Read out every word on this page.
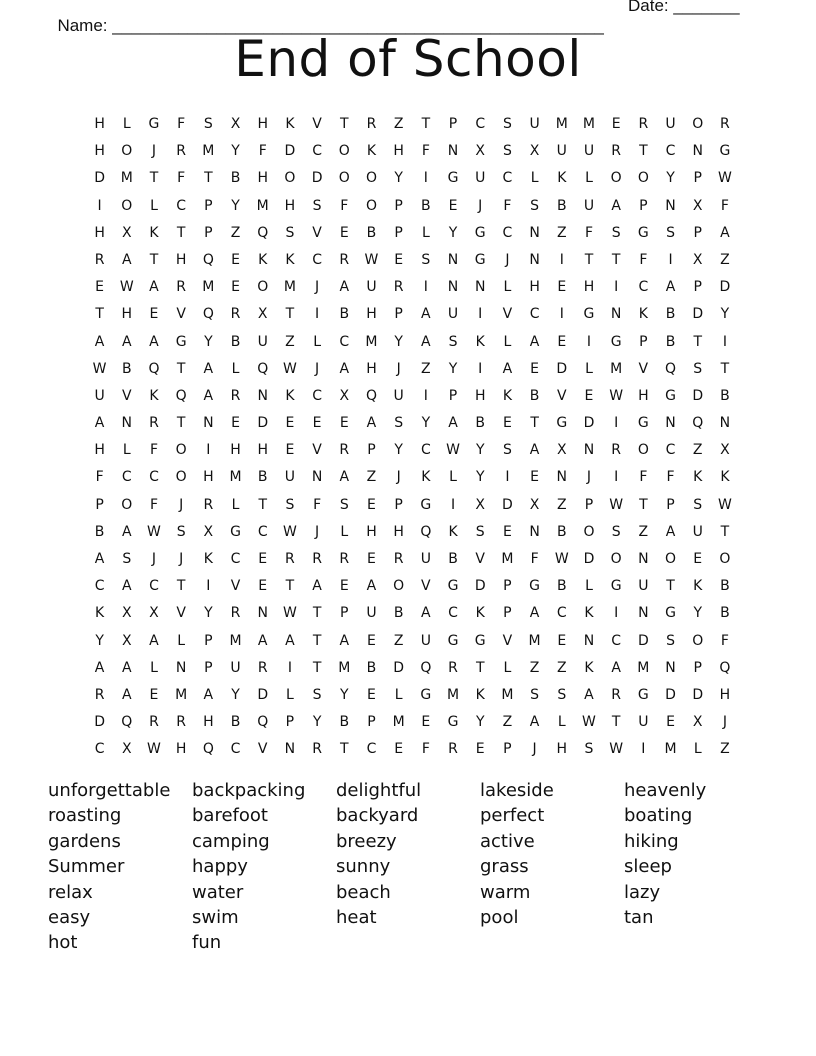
Name: ____________________________________________________

Date: _______

End of School
H	L	G	F	S	X	H	K	V	T	R	Z	T	P	C	S	U	M	M	E	R	U	O	R
H	O	J	R	M	Y	F	D	C	O	K	H	F	N	X	S	X	U	U	R	T	C	N	G
D	M	T	F	T	B	H	O	D	O	O	Y	I	G	U	C	L	K	L	O	O	Y	P	W
I	O	L	C	P	Y	M	H	S	F	O	P	B	E	J	F	S	B	U	A	P	N	X	F
H	X	K	T	P	Z	Q	S	V	E	B	P	L	Y	G	C	N	Z	F	S	G	S	P	A
R	A	T	H	Q	E	K	K	C	R	W	E	S	N	G	J	N	I	T	T	F	I	X	Z
E	W	A	R	M	E	O	M	J	A	U	R	I	N	N	L	H	E	H	I	C	A	P	D
T	H	E	V	Q	R	X	T	I	B	H	P	A	U	I	V	C	I	G	N	K	B	D	Y
A	A	A	G	Y	B	U	Z	L	C	M	Y	A	S	K	L	A	E	I	G	P	B	T	I
W	B	Q	T	A	L	Q	W	J	A	H	J	Z	Y	I	A	E	D	L	M	V	Q	S	T
U	V	K	Q	A	R	N	K	C	X	Q	U	I	P	H	K	B	V	E	W	H	G	D	B
A	N	R	T	N	E	D	E	E	E	A	S	Y	A	B	E	T	G	D	I	G	N	Q	N
H	L	F	O	I	H	H	E	V	R	P	Y	C	W	Y	S	A	X	N	R	O	C	Z	X
F	C	C	O	H	M	B	U	N	A	Z	J	K	L	Y	I	E	N	J	I	F	F	K	K
P	O	F	J	R	L	T	S	F	S	E	P	G	I	X	D	X	Z	P	W	T	P	S	W
B	A	W	S	X	G	C	W	J	L	H	H	Q	K	S	E	N	B	O	S	Z	A	U	T
A	S	J	J	K	C	E	R	R	R	E	R	U	B	V	M	F	W	D	O	N	O	E	O
C	A	C	T	I	V	E	T	A	E	A	O	V	G	D	P	G	B	L	G	U	T	K	B
K	X	X	V	Y	R	N	W	T	P	U	B	A	C	K	P	A	C	K	I	N	G	Y	B
Y	X	A	L	P	M	A	A	T	A	E	Z	U	G	G	V	M	E	N	C	D	S	O	F
A	A	L	N	P	U	R	I	T	M	B	D	Q	R	T	L	Z	Z	K	A	M	N	P	Q
R	A	E	M	A	Y	D	L	S	Y	E	L	G	M	K	M	S	S	A	R	G	D	D	H
D	Q	R	R	H	B	Q	P	Y	B	P	M	E	G	Y	Z	A	L	W	T	U	E	X	J
C	X	W	H	Q	C	V	N	R	T	C	E	F	R	E	P	J	H	S	W	I	M	L	Z
unforgettable	backpacking	delightful	lakeside	heavenly
roasting	barefoot	backyard	perfect	boating
gardens	camping	breezy	active	hiking
Summer	happy	sunny	grass	sleep
relax	water	beach	warm	lazy
easy	swim	heat	pool	tan
hot	fun
